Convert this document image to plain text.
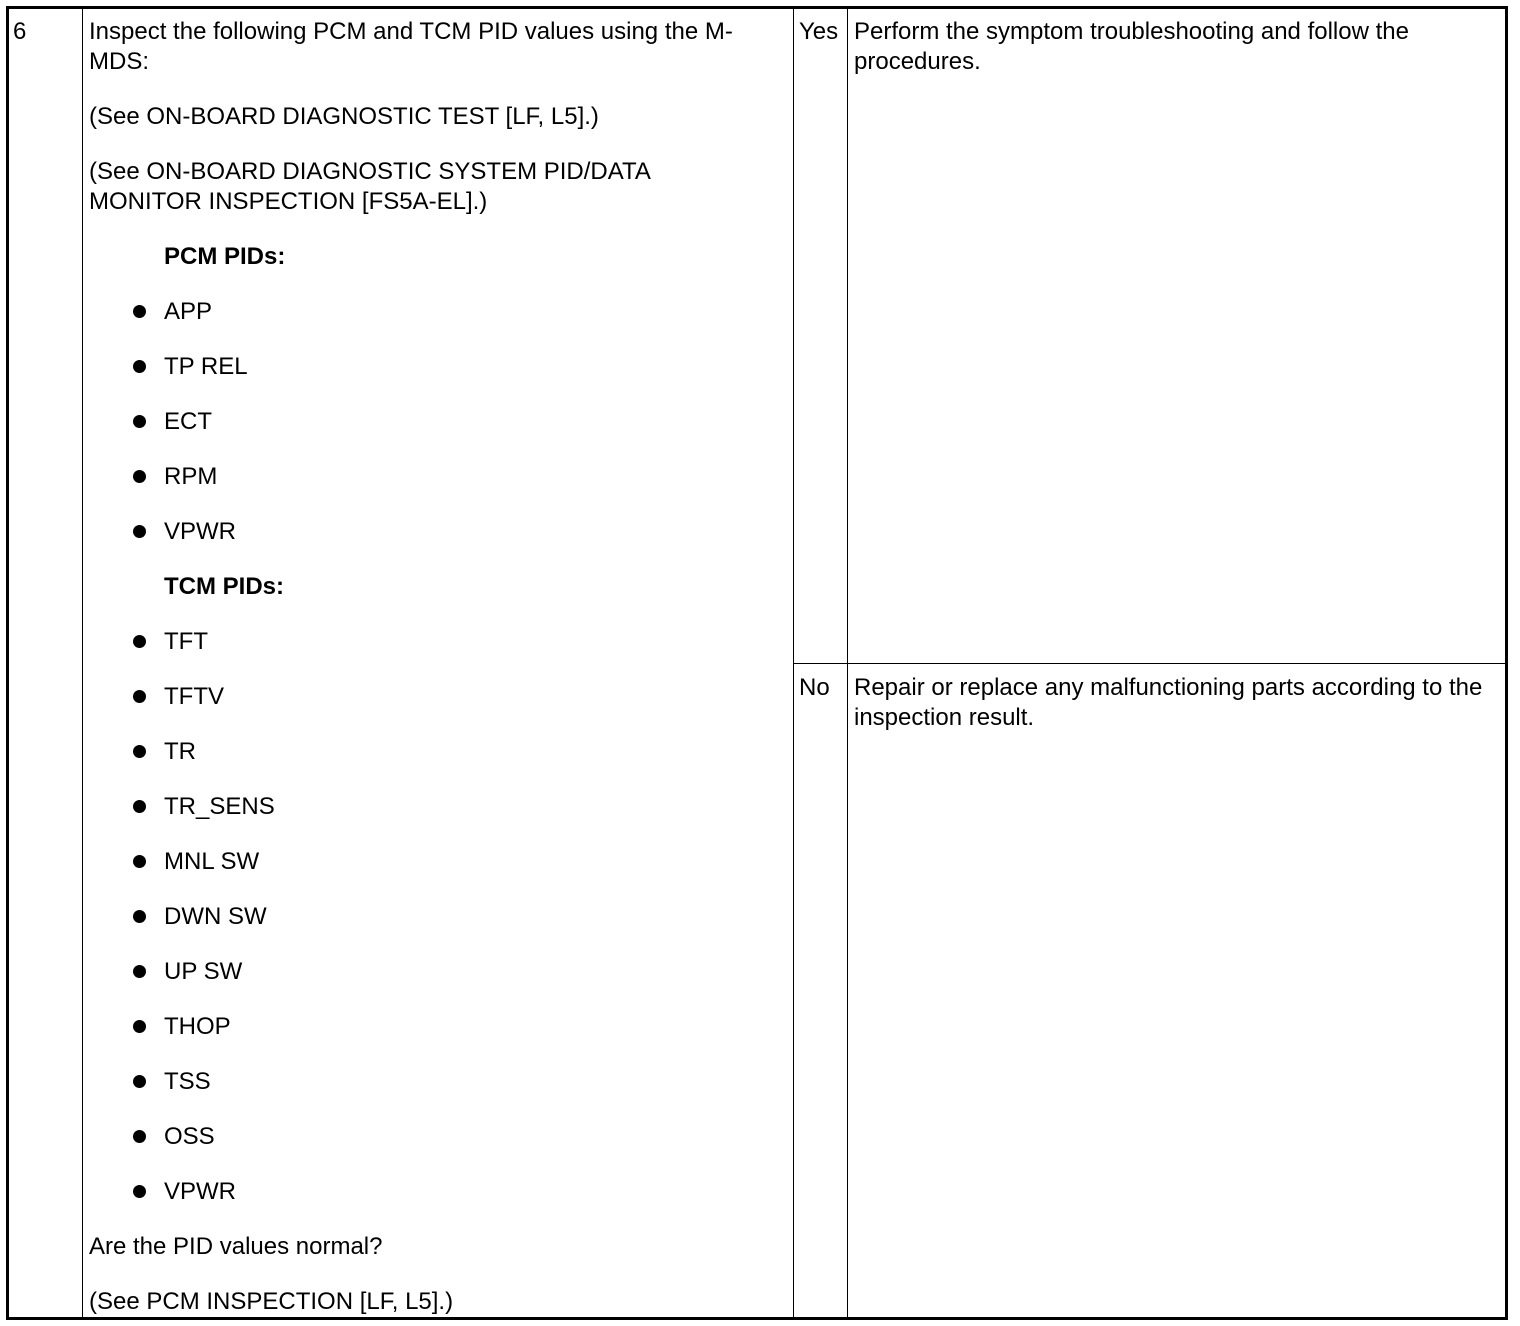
6	Inspect the following PCM and TCM PID values using the M-MDS:
(See ON-BOARD DIAGNOSTIC TEST [LF, L5].)
(See ON-BOARD DIAGNOSTIC SYSTEM PID/DATA
MONITOR INSPECTION [FS5A-EL].)
PCM PIDs:
APP
TP REL
ECT
RPM
VPWR
TCM PIDs:
TFT
TFTV
TR
TR_SENS
MNL SW
DWN SW
UP SW
THOP
TSS
OSS
VPWR
Are the PID values normal?
(See PCM INSPECTION [LF, L5].)
Yes Perform the symptom troubleshooting and follow the procedures.
No Repair or replace any malfunctioning parts according to the inspection result.
